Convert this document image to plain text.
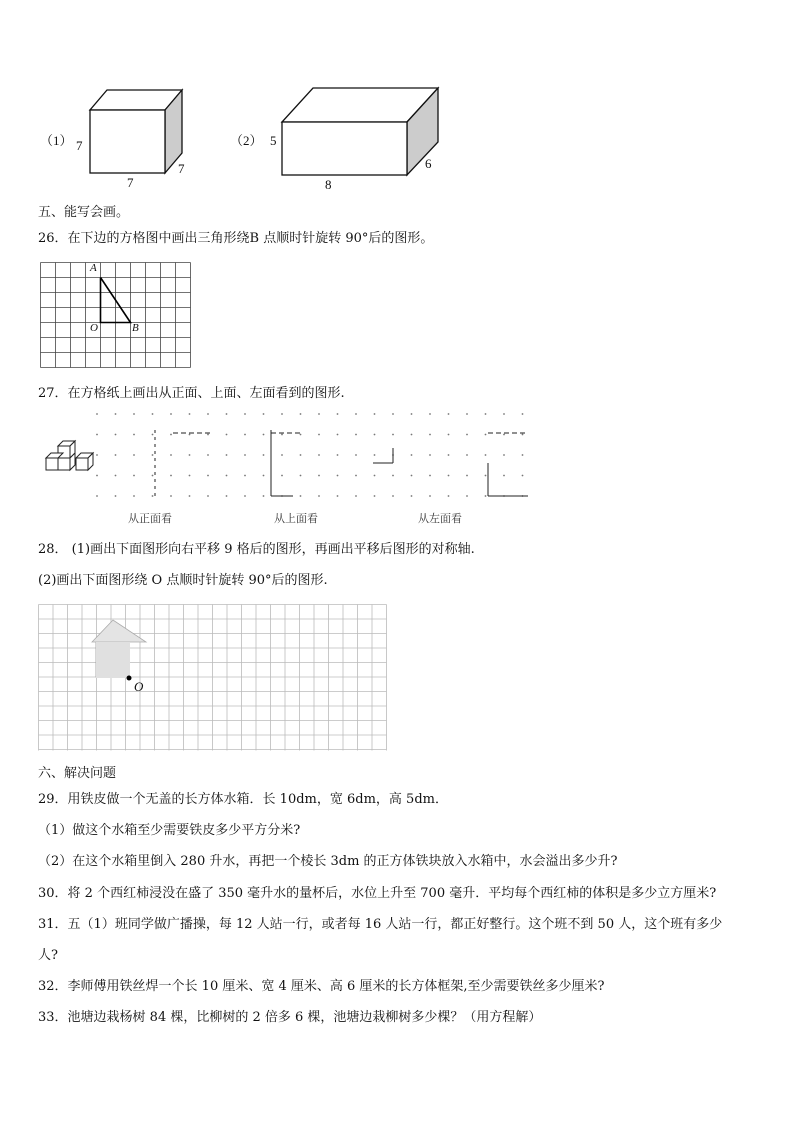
（1） 7
7
7
（2） 5
8
6
五、能写会画。
26．在下边的方格图中画出三角形绕B 点顺时针旋转 90°后的图形。
A
O	B
27．在方格纸上画出从正面、上面、左面看到的图形.
从正面看	从上面看	从左面看
28． (1)画出下面图形向右平移 9 格后的图形，再画出平移后图形的对称轴.
(2)画出下面图形绕 O 点顺时针旋转 90°后的图形.
O
六、解决问题
29．用铁皮做一个无盖的长方体水箱．长 10dm，宽 6dm，高 5dm．
（1）做这个水箱至少需要铁皮多少平方分米?
（2）在这个水箱里倒入 280 升水，再把一个棱长 3dm 的正方体铁块放入水箱中，水会溢出多少升?
30．将 2 个西红柿浸没在盛了 350 毫升水的量杯后，水位上升至 700 毫升．平均每个西红柿的体积是多少立方厘米?
31．五（1）班同学做广播操，每 12 人站一行，或者每 16 人站一行，都正好整行。这个班不到 50 人，这个班有多少
人?
32．李师傅用铁丝焊一个长 10 厘米、宽 4 厘米、高 6 厘米的长方体框架,至少需要铁丝多少厘米?
33．池塘边栽杨树 84 棵，比柳树的 2 倍多 6 棵，池塘边栽柳树多少棵？（用方程解）
